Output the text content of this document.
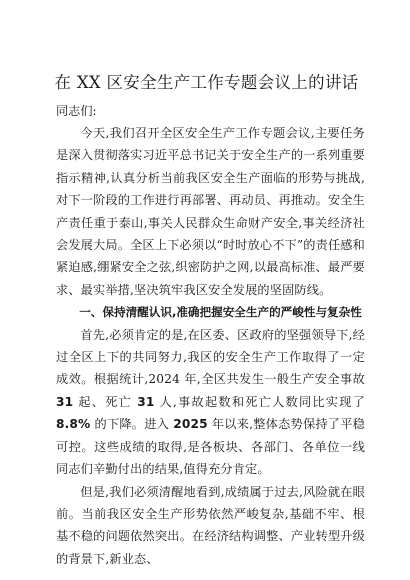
在 XX 区安全生产工作专题会议上的讲话
同志们:

今天,我们召开全区安全生产工作专题会议,主要任务是深入贯彻落实习近平总书记关于安全生产的一系列重要指示精神,认真分析当前我区安全生产面临的形势与挑战,对下一阶段的工作进行再部署、再动员、再推动。安全生产责任重于泰山,事关人民群众生命财产安全,事关经济社会发展大局。全区上下必须以“时时放心不下”的责任感和紧迫感,绷紧安全之弦,织密防护之网,以最高标准、最严要求、最实举措,坚决筑牢我区安全发展的坚固防线。

一、保持清醒认识,准确把握安全生产的严峻性与复杂性

首先,必须肯定的是,在区委、区政府的坚强领导下,经过全区上下的共同努力,我区的安全生产工作取得了一定成效。根据统计,2024 年,全区共发生一般生产安全事故 31 起、死亡 31 人,事故起数和死亡人数同比实现了 8.8% 的下降。进入 2025 年以来,整体态势保持了平稳可控。这些成绩的取得,是各板块、各部门、各单位一线同志们辛勤付出的结果,值得充分肯定。

但是,我们必须清醒地看到,成绩属于过去,风险就在眼前。当前我区安全生产形势依然严峻复杂,基础不牢、根基不稳的问题依然突出。在经济结构调整、产业转型升级的背景下,新业态、
